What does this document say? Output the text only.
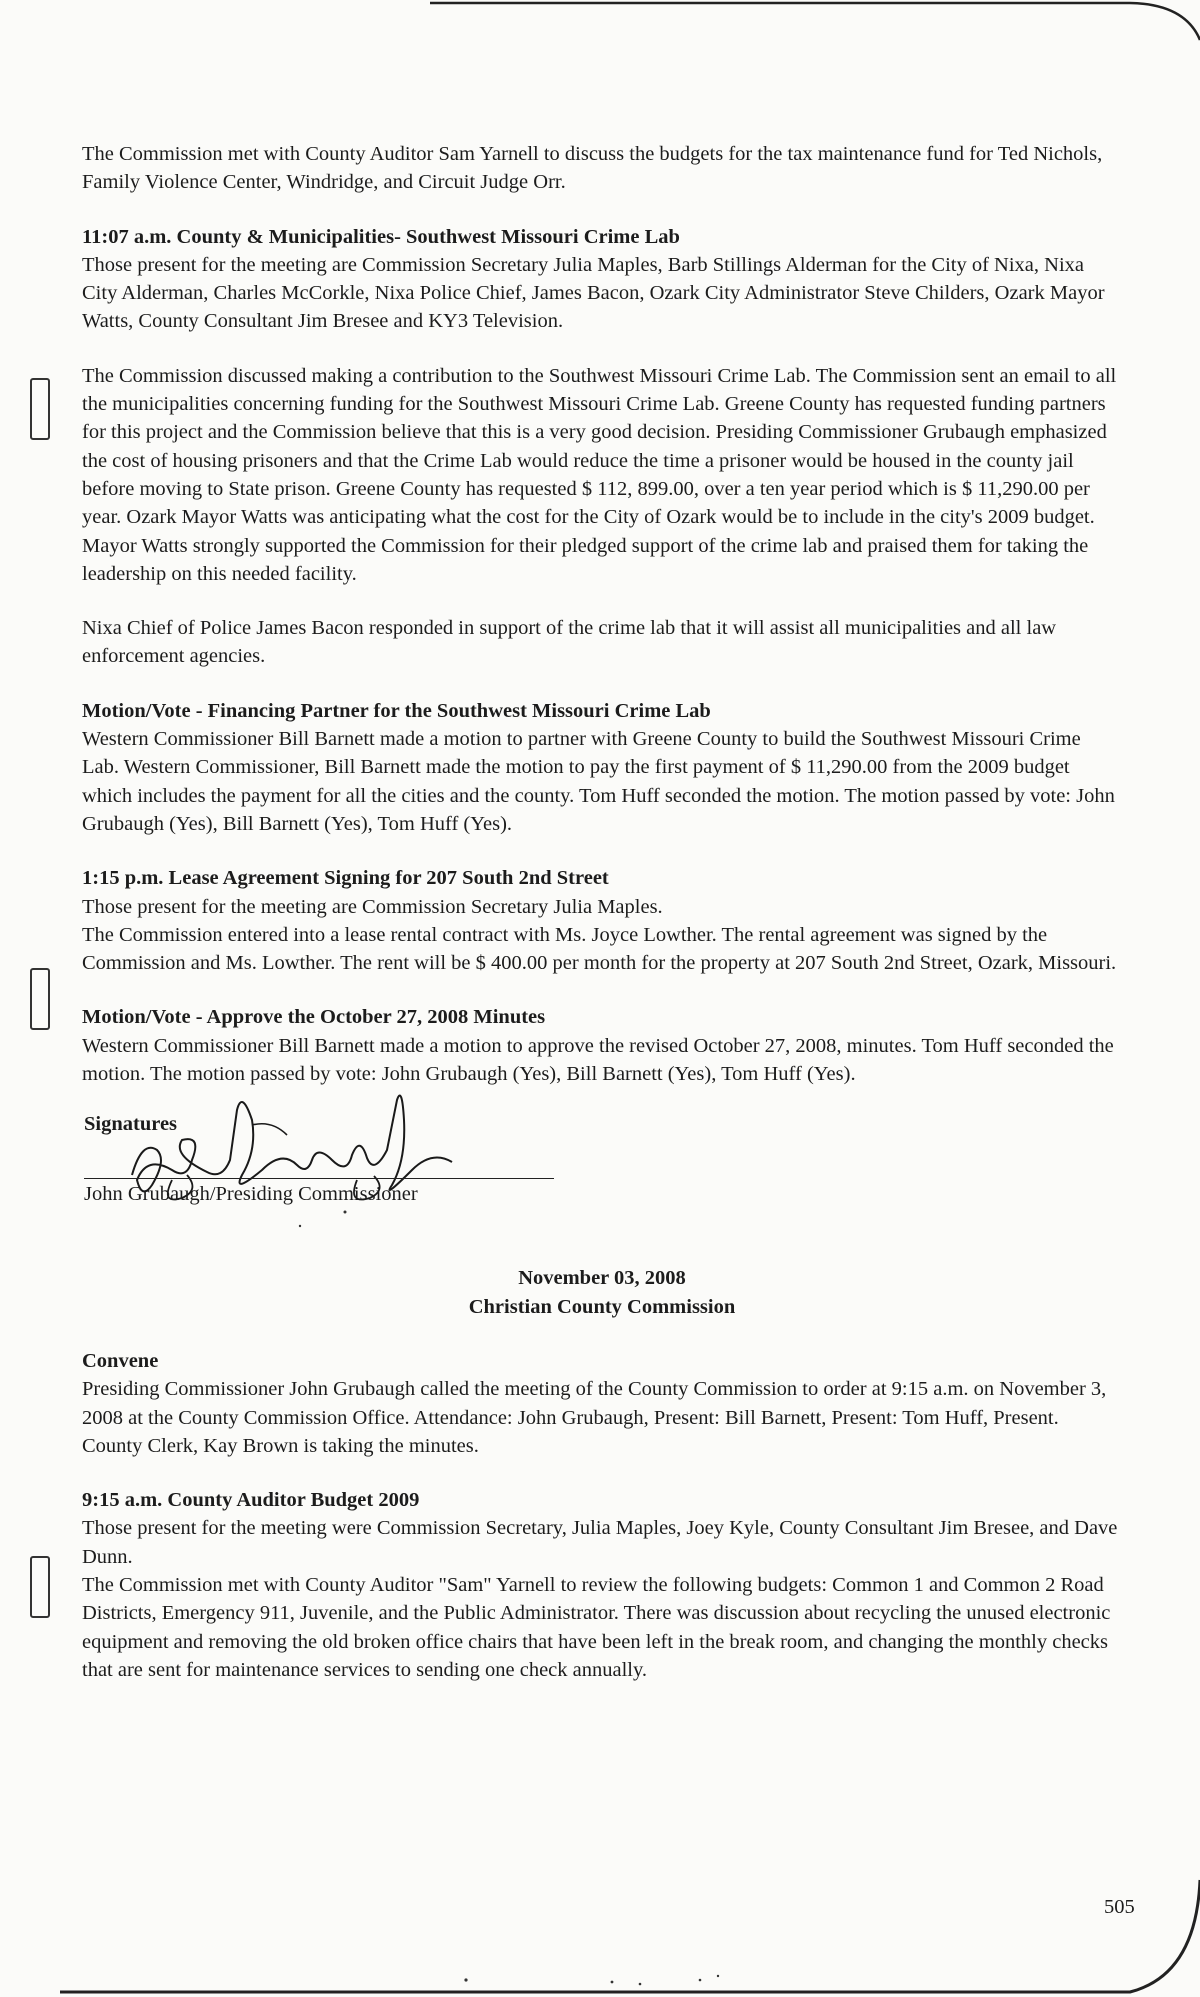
The Commission met with County Auditor Sam Yarnell to discuss the budgets for the tax maintenance fund for Ted Nichols, Family Violence Center, Windridge, and Circuit Judge Orr.

11:07 a.m. County & Municipalities- Southwest Missouri Crime Lab

Those present for the meeting are Commission Secretary Julia Maples, Barb Stillings Alderman for the City of Nixa, Nixa City Alderman, Charles McCorkle, Nixa Police Chief, James Bacon, Ozark City Administrator Steve Childers, Ozark Mayor Watts, County Consultant Jim Bresee and KY3 Television.

The Commission discussed making a contribution to the Southwest Missouri Crime Lab. The Commission sent an email to all the municipalities concerning funding for the Southwest Missouri Crime Lab. Greene County has requested funding partners for this project and the Commission believe that this is a very good decision. Presiding Commissioner Grubaugh emphasized the cost of housing prisoners and that the Crime Lab would reduce the time a prisoner would be housed in the county jail before moving to State prison. Greene County has requested $ 112, 899.00, over a ten year period which is $ 11,290.00 per year. Ozark Mayor Watts was anticipating what the cost for the City of Ozark would be to include in the city's 2009 budget. Mayor Watts strongly supported the Commission for their pledged support of the crime lab and praised them for taking the leadership on this needed facility.

Nixa Chief of Police James Bacon responded in support of the crime lab that it will assist all municipalities and all law enforcement agencies.

Motion/Vote - Financing Partner for the Southwest Missouri Crime Lab

Western Commissioner Bill Barnett made a motion to partner with Greene County to build the Southwest Missouri Crime Lab. Western Commissioner, Bill Barnett made the motion to pay the first payment of $ 11,290.00 from the 2009 budget which includes the payment for all the cities and the county. Tom Huff seconded the motion. The motion passed by vote: John Grubaugh (Yes), Bill Barnett (Yes), Tom Huff (Yes).

1:15 p.m. Lease Agreement Signing for 207 South 2nd Street

Those present for the meeting are Commission Secretary Julia Maples.

The Commission entered into a lease rental contract with Ms. Joyce Lowther. The rental agreement was signed by the Commission and Ms. Lowther. The rent will be $ 400.00 per month for the property at 207 South 2nd Street, Ozark, Missouri.

Motion/Vote - Approve the October 27, 2008 Minutes

Western Commissioner Bill Barnett made a motion to approve the revised October 27, 2008, minutes. Tom Huff seconded the motion. The motion passed by vote: John Grubaugh (Yes), Bill Barnett (Yes), Tom Huff (Yes).

Signatures
John Grubaugh/Presiding Commissioner

November 03, 2008

Christian County Commission

Convene

Presiding Commissioner John Grubaugh called the meeting of the County Commission to order at 9:15 a.m. on November 3, 2008 at the County Commission Office. Attendance: John Grubaugh, Present: Bill Barnett, Present: Tom Huff, Present. County Clerk, Kay Brown is taking the minutes.

9:15 a.m. County Auditor Budget 2009

Those present for the meeting were Commission Secretary, Julia Maples, Joey Kyle, County Consultant Jim Bresee, and Dave Dunn.

The Commission met with County Auditor "Sam" Yarnell to review the following budgets: Common 1 and Common 2 Road Districts, Emergency 911, Juvenile, and the Public Administrator. There was discussion about recycling the unused electronic equipment and removing the old broken office chairs that have been left in the break room, and changing the monthly checks that are sent for maintenance services to sending one check annually.

505
